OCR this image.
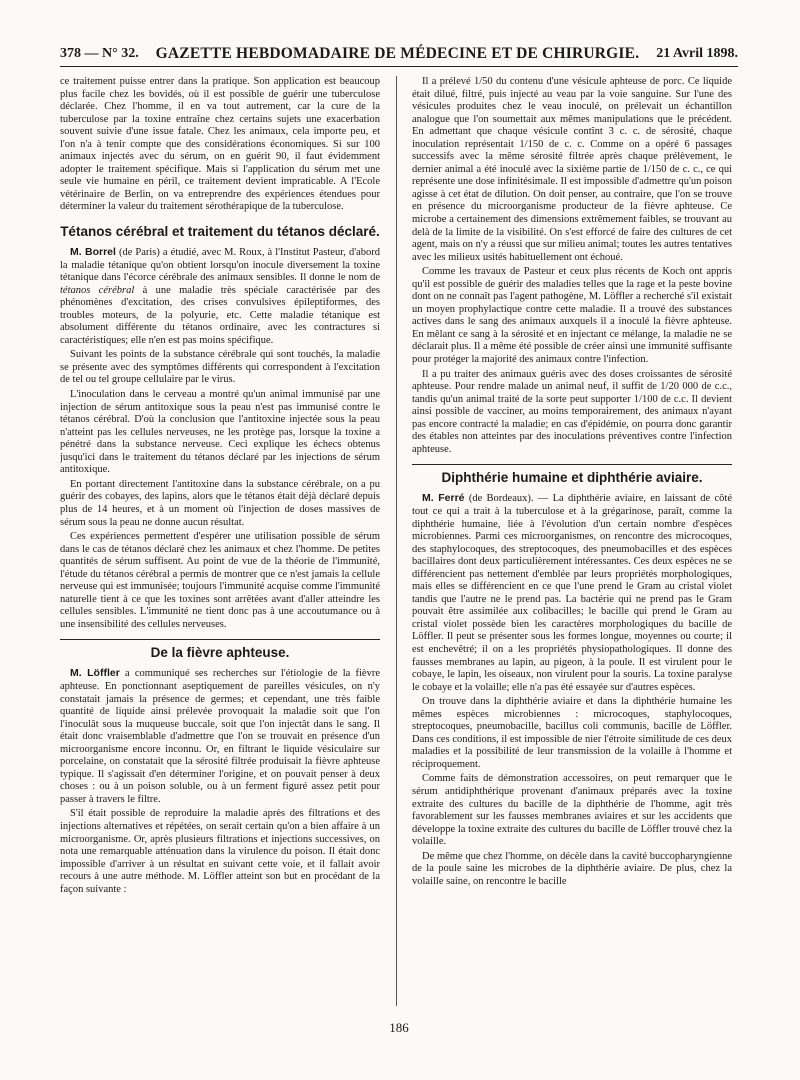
378 — N° 32. GAZETTE HEBDOMADAIRE DE MÉDECINE ET DE CHIRURGIE. 21 Avril 1898.

ce traitement puisse entrer dans la pratique. Son application est beaucoup plus facile chez les bovidés, où il est possible de guérir une tuberculose déclarée. Chez l'homme, il en va tout autrement, car la cure de la tuberculose par la toxine entraîne chez certains sujets une exacerbation souvent suivie d'une issue fatale. Chez les animaux, cela importe peu, et l'on n'a à tenir compte que des considérations économiques. Si sur 100 animaux injectés avec du sérum, on en guérit 90, il faut évidemment adopter le traitement spécifique. Mais si l'application du sérum met une seule vie humaine en péril, ce traitement devient impraticable. A l'Ecole vétérinaire de Berlin, on va entreprendre des expériences étendues pour déterminer la valeur du traitement sérothérapique de la tuberculose.

Tétanos cérébral et traitement du tétanos déclaré.

M. Borrel (de Paris) a étudié, avec M. Roux, à l'Institut Pasteur, d'abord la maladie tétanique qu'on obtient lorsqu'on inocule diversement la toxine tétanique dans l'écorce cérébrale des animaux sensibles. Il donne le nom de tétanos cérébral à une maladie très spéciale caractérisée par des phénomènes d'excitation, des crises convulsives épileptiformes, des troubles moteurs, de la polyurie, etc. Cette maladie tétanique est absolument différente du tétanos ordinaire, avec les contractures si caractéristiques; elle n'en est pas moins spécifique.

Suivant les points de la substance cérébrale qui sont touchés, la maladie se présente avec des symptômes différents qui correspondent à l'excitation de tel ou tel groupe cellulaire par le virus.

L'inoculation dans le cerveau a montré qu'un animal immunisé par une injection de sérum antitoxique sous la peau n'est pas immunisé contre le tétanos cérébral. D'où la conclusion que l'antitoxine injectée sous la peau n'atteint pas les cellules nerveuses, ne les protège pas, lorsque la toxine a pénétré dans la substance nerveuse. Ceci explique les échecs obtenus jusqu'ici dans le traitement du tétanos déclaré par les injections de sérum antitoxique.

En portant directement l'antitoxine dans la substance cérébrale, on a pu guérir des cobayes, des lapins, alors que le tétanos était déjà déclaré depuis plus de 14 heures, et à un moment où l'injection de doses massives de sérum sous la peau ne donne aucun résultat.

Ces expériences permettent d'espérer une utilisation possible de sérum dans le cas de tétanos déclaré chez les animaux et chez l'homme. De petites quantités de sérum suffisent. Au point de vue de la théorie de l'immunité, l'étude du tétanos cérébral a permis de montrer que ce n'est jamais la cellule nerveuse qui est immunisée; toujours l'immunité acquise comme l'immunité naturelle tient à ce que les toxines sont arrêtées avant d'aller atteindre les cellules sensibles. L'immunité ne tient donc pas à une accoutumance ou à une insensibilité des cellules nerveuses.

De la fièvre aphteuse.

M. Löffler a communiqué ses recherches sur l'étiologie de la fièvre aphteuse. En ponctionnant aseptiquement de pareilles vésicules, on n'y constatait jamais la présence de germes; et cependant, une très faible quantité de liquide ainsi prélevée provoquait la maladie soit que l'on l'inoculât sous la muqueuse buccale, soit que l'on injectât dans le sang. Il était donc vraisemblable d'admettre que l'on se trouvait en présence d'un microorganisme encore inconnu. Or, en filtrant le liquide vésiculaire sur porcelaine, on constatait que la sérosité filtrée produisait la fièvre aphteuse typique. Il s'agissait d'en déterminer l'origine, et on pouvait penser à deux choses : ou à un poison soluble, ou à un ferment figuré assez petit pour passer à travers le filtre.

S'il était possible de reproduire la maladie après des filtrations et des injections alternatives et répétées, on serait certain qu'on a bien affaire à un microorganisme. Or, après plusieurs filtrations et injections successives, on nota une remarquable atténuation dans la virulence du poison. Il était donc impossible d'arriver à un résultat en suivant cette voie, et il fallait avoir recours à une autre méthode. M. Löffler atteint son but en procédant de la façon suivante :

Il a prélevé 1/50 du contenu d'une vésicule aphteuse de porc. Ce liquide était dilué, filtré, puis injecté au veau par la voie sanguine. Sur l'une des vésicules produites chez le veau inoculé, on prélevait un échantillon analogue que l'on soumettait aux mêmes manipulations que le précédent. En admettant que chaque vésicule contînt 3 c. c. de sérosité, chaque inoculation représentait 1/150 de c. c. Comme on a opéré 6 passages successifs avec la même sérosité filtrée après chaque prélèvement, le dernier animal a été inoculé avec la sixième partie de 1/150 de c. c., ce qui représente une dose infinitésimale. Il est impossible d'admettre qu'un poison agisse à cet état de dilution. On doit penser, au contraire, que l'on se trouve en présence du microorganisme producteur de la fièvre aphteuse. Ce microbe a certainement des dimensions extrêmement faibles, se trouvant au delà de la limite de la visibilité. On s'est efforcé de faire des cultures de cet agent, mais on n'y a réussi que sur milieu animal; toutes les autres tentatives avec les milieux usités habituellement ont échoué.

Comme les travaux de Pasteur et ceux plus récents de Koch ont appris qu'il est possible de guérir des maladies telles que la rage et la peste bovine dont on ne connaît pas l'agent pathogène, M. Löffler a recherché s'il existait un moyen prophylactique contre cette maladie. Il a trouvé des substances actives dans le sang des animaux auxquels il a inoculé la fièvre aphteuse. En mêlant ce sang à la sérosité et en injectant ce mélange, la maladie ne se déclarait plus. Il a même été possible de créer ainsi une immunité suffisante pour protéger la majorité des animaux contre l'infection.

Il a pu traiter des animaux guéris avec des doses croissantes de sérosité aphteuse. Pour rendre malade un animal neuf, il suffit de 1/20 000 de c.c., tandis qu'un animal traité de la sorte peut supporter 1/100 de c.c. Il devient ainsi possible de vacciner, au moins temporairement, des animaux n'ayant pas encore contracté la maladie; en cas d'épidémie, on pourra donc garantir des étables non atteintes par des inoculations préventives contre l'infection aphteuse.

Diphthérie humaine et diphthérie aviaire.

M. Ferré (de Bordeaux). — La diphthérie aviaire, en laissant de côté tout ce qui a trait à la tuberculose et à la grégarinose, paraît, comme la diphthérie humaine, liée à l'évolution d'un certain nombre d'espèces microbiennes. Parmi ces microorganismes, on rencontre des microcoques, des staphylocoques, des streptocoques, des pneumobacilles et des espèces bacillaires dont deux particulièrement intéressantes. Ces deux espèces ne se différencient pas nettement d'emblée par leurs propriétés morphologiques, mais elles se différencient en ce que l'une prend le Gram au cristal violet tandis que l'autre ne le prend pas. La bactérie qui ne prend pas le Gram pouvait être assimilée aux colibacilles; le bacille qui prend le Gram au cristal violet possède bien les caractères morphologiques du bacille de Löffler. Il peut se présenter sous les formes longue, moyennes ou courte; il est enchevêtré; il on a les propriétés physiopathologiques. Il donne des fausses membranes au lapin, au pigeon, à la poule. Il est virulent pour le cobaye, le lapin, les oiseaux, non virulent pour la souris. La toxine paralyse le cobaye et la volaille; elle n'a pas été essayée sur d'autres espèces.

On trouve dans la diphthérie aviaire et dans la diphthérie humaine les mêmes espèces microbiennes : microcoques, staphylocoques, streptocoques, pneumobacille, bacillus coli communis, bacille de Löffler. Dans ces conditions, il est impossible de nier l'étroite similitude de ces deux maladies et la possibilité de leur transmission de la volaille à l'homme et réciproquement.

Comme faits de démonstration accessoires, on peut remarquer que le sérum antidiphthérique provenant d'animaux préparés avec la toxine extraite des cultures du bacille de la diphthérie de l'homme, agit très favorablement sur les fausses membranes aviaires et sur les accidents que développe la toxine extraite des cultures du bacille de Löffler trouvé chez la volaille.

De même que chez l'homme, on décèle dans la cavité buccopharyngienne de la poule saine les microbes de la diphthérie aviaire. De plus, chez la volaille saine, on rencontre le bacille

186
